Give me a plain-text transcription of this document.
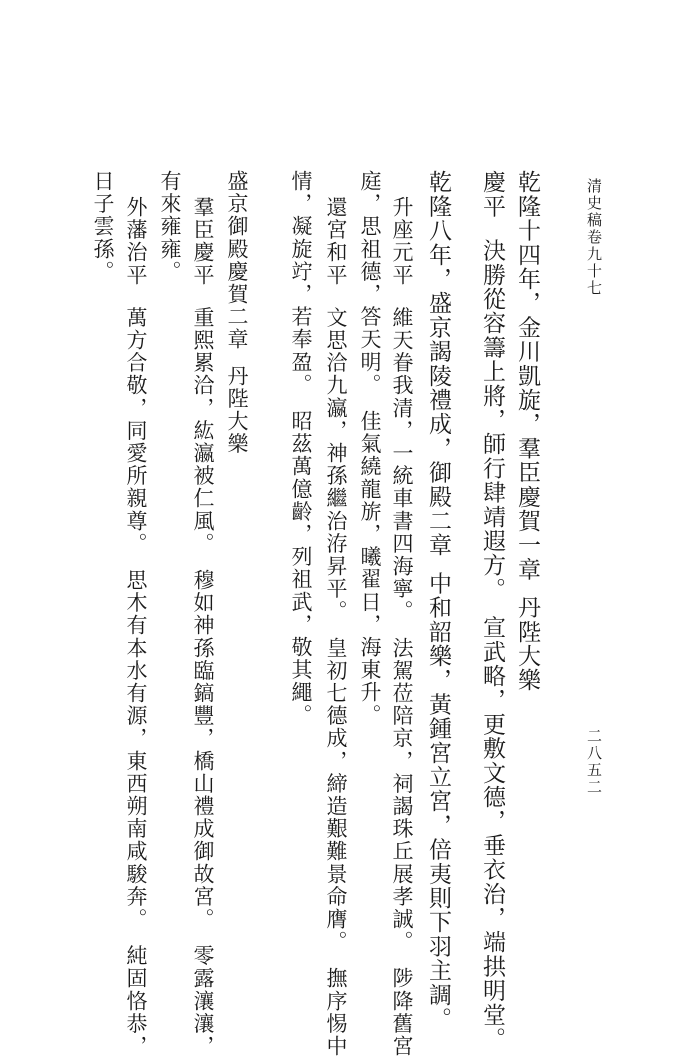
清史稿卷九十七
二八五二
乾隆十四年，金川凱旋，羣臣慶賀一章丹陛大樂
慶平決勝從容籌上將，師行肆靖遐方。宣武略，更敷文德，垂衣治，端拱明堂。
乾隆八年，盛京謁陵禮成，御殿二章中和韶樂，黃鍾宮立宮，倍夷則下羽主調。
升座元平維天眷我清，一統車書四海寧。法駕莅陪京，祠謁珠丘展孝誠。陟降舊宮
庭，思祖德，答天明。佳氣繞龍旂，曦翟日，海東升。
還宮和平文思洽九瀛，神孫繼治洊昇平。皇初七德成，締造艱難景命膺。撫序惕中
情，凝旋竚，若奉盈。昭茲萬億齡，列祖武，敬其繩。
盛京御殿慶賀二章丹陛大樂
羣臣慶平重熙累洽，紘瀛被仁風。穆如神孫臨鎬豐，橋山禮成御故宮。零露瀼瀼，
有來雍雍。
外藩治平萬方合敬，同愛所親尊。思木有本水有源，東西朔南咸駿奔。純固恪恭，
日子雲孫。
